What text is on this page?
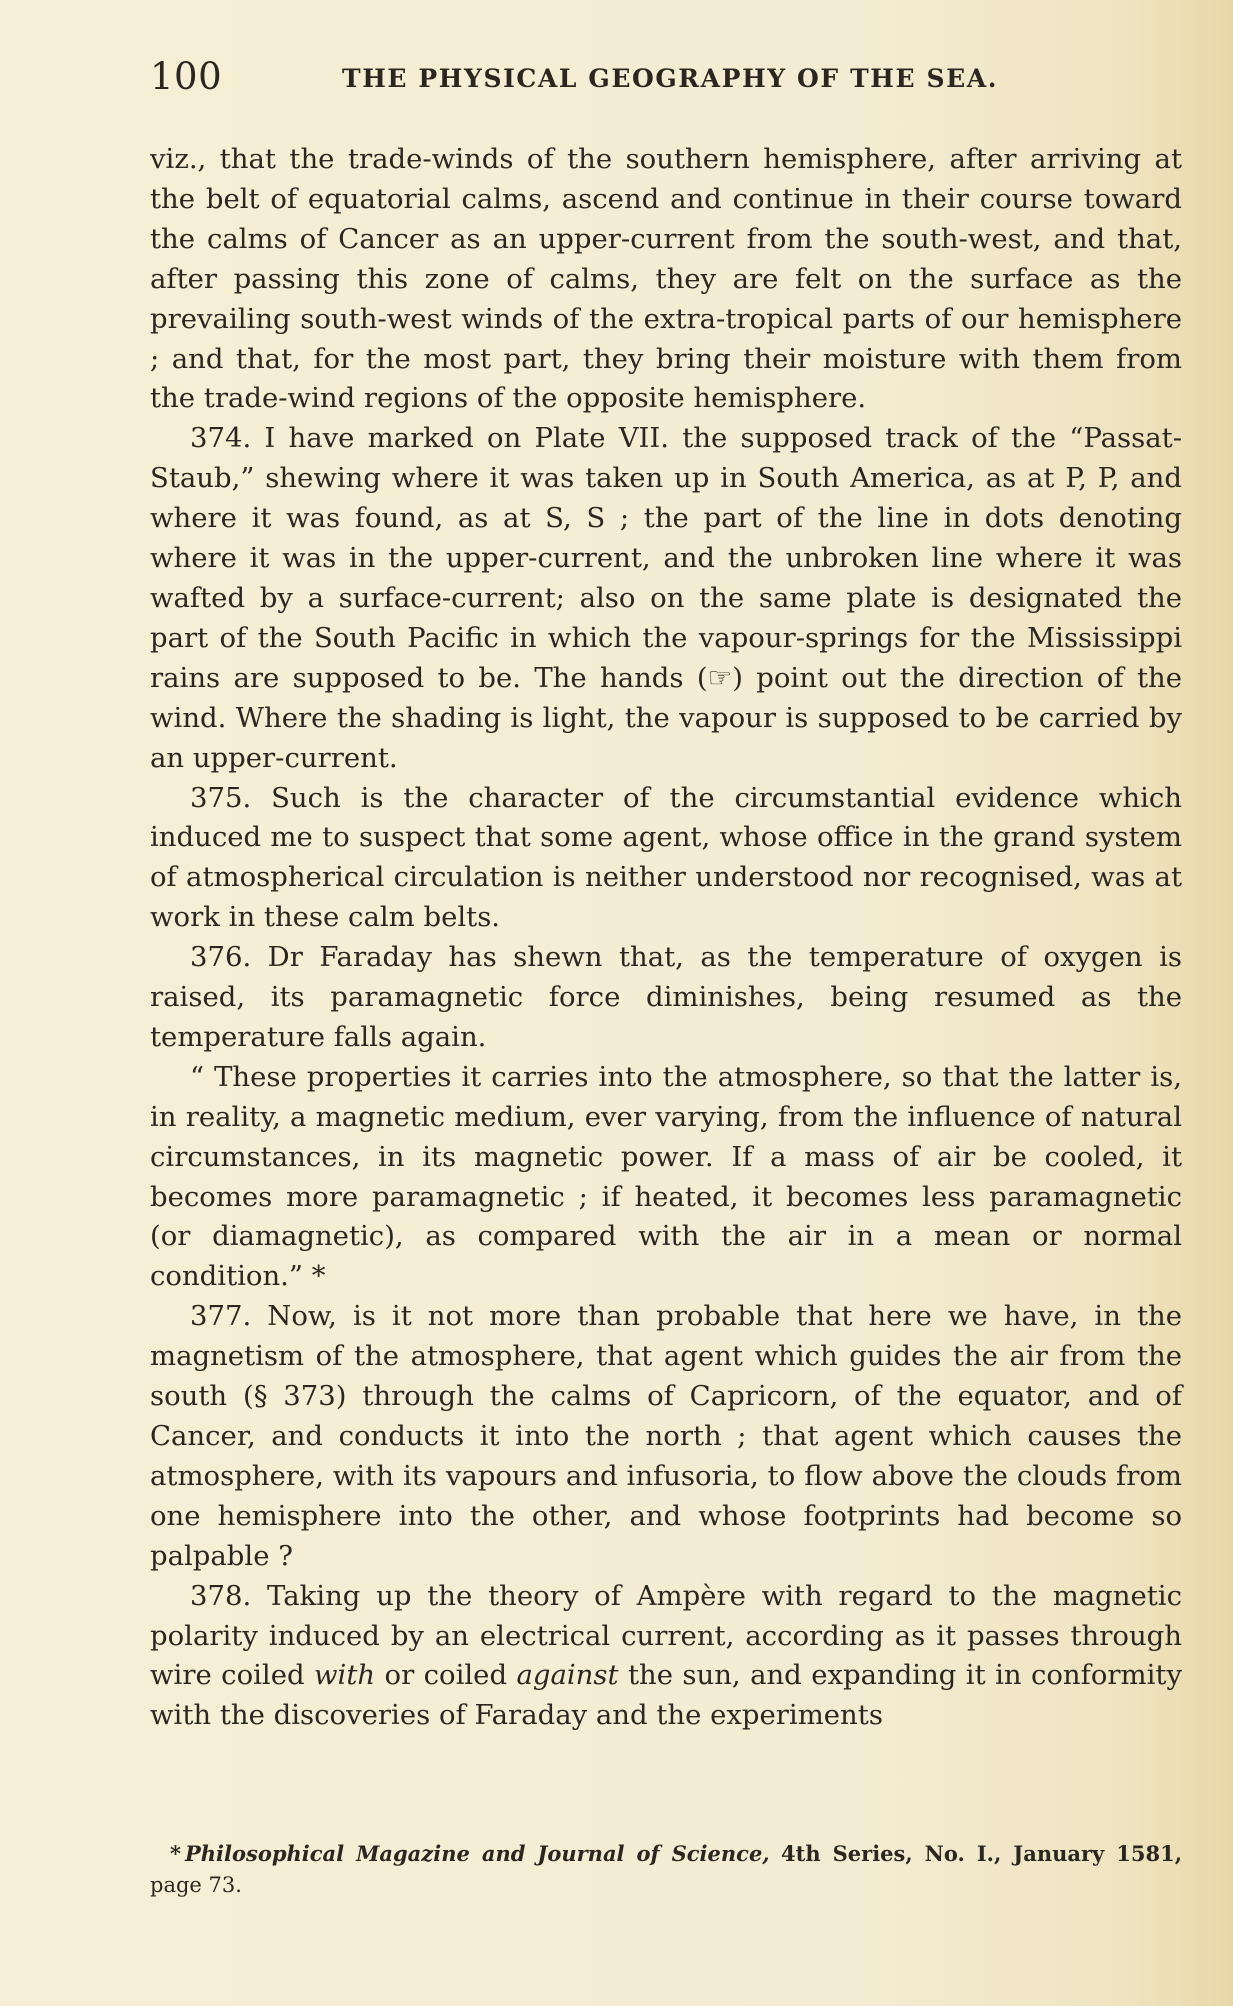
100	THE PHYSICAL GEOGRAPHY OF THE SEA.

viz., that the trade-winds of the southern hemisphere, after arriving at the belt of equatorial calms, ascend and continue in their course toward the calms of Cancer as an upper-current from the south-west, and that, after passing this zone of calms, they are felt on the surface as the prevailing south-west winds of the extra-tropical parts of our hemisphere ; and that, for the most part, they bring their moisture with them from the trade-wind regions of the opposite hemisphere.

374. I have marked on Plate VII. the supposed track of the “Passat-Staub,” shewing where it was taken up in South America, as at P, P, and where it was found, as at S, S ; the part of the line in dots denoting where it was in the upper-current, and the unbroken line where it was wafted by a surface-current; also on the same plate is designated the part of the South Pacific in which the vapour-springs for the Mississippi rains are supposed to be. The hands (☞) point out the direction of the wind. Where the shading is light, the vapour is supposed to be carried by an upper-current.

375. Such is the character of the circumstantial evidence which induced me to suspect that some agent, whose office in the grand system of atmospherical circulation is neither understood nor recognised, was at work in these calm belts.

376. Dr Faraday has shewn that, as the temperature of oxygen is raised, its paramagnetic force diminishes, being resumed as the temperature falls again.

“ These properties it carries into the atmosphere, so that the latter is, in reality, a magnetic medium, ever varying, from the influence of natural circumstances, in its magnetic power. If a mass of air be cooled, it becomes more paramagnetic ; if heated, it becomes less paramagnetic (or diamagnetic), as compared with the air in a mean or normal condition.” *

377. Now, is it not more than probable that here we have, in the magnetism of the atmosphere, that agent which guides the air from the south (§ 373) through the calms of Capricorn, of the equator, and of Cancer, and conducts it into the north ; that agent which causes the atmosphere, with its vapours and infusoria, to flow above the clouds from one hemisphere into the other, and whose footprints had become so palpable ?

378. Taking up the theory of Ampère with regard to the magnetic polarity induced by an electrical current, according as it passes through wire coiled with or coiled against the sun, and expanding it in conformity with the discoveries of Faraday and the experiments

* Philosophical Magazine and Journal of Science, 4th Series, No. I., January 1581, page 73.
